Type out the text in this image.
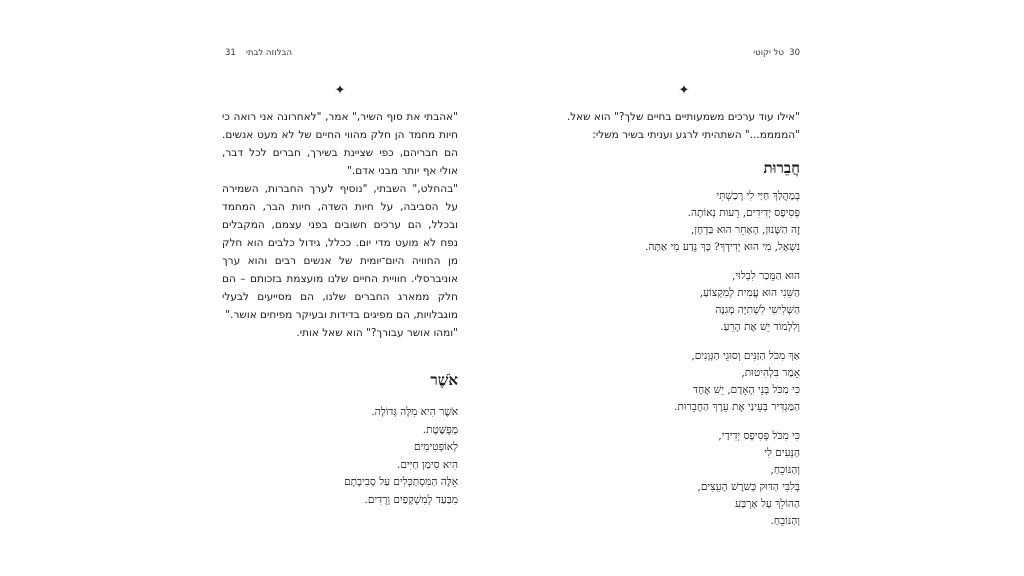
הבלוזה לבתי
31
✦

"אהבתי את סוף השיר," אמר, "לאחרונה אני רואה כי חיות מחמד הן חלק מהווי החיים של לא מעט אנשים. הם חבריהם, כפי שציינת בשירך, חברים לכל דבר, אולי אף יותר מבני אדם."

"בהחלט," השבתי, "נוסיף לערך החברות, השמירה על הסביבה, על חיות השדה, חיות הבר, המחמד ובכלל, הם ערכים חשובים בפני עצמם, המקבלים נפח לא מועט מדי יום. ככלל, גידול כלבים הוא חלק מן החוויה היום־יומית של אנשים רבים והוא ערך אוניברסלי. חוויית החיים שלנו מועצמת בזכותם – הם חלק ממארג החברים שלנו, הם מסייעים לבעלי מוגבלויות, הם מפיגים בדידות ובעיקר מפיחים אושר."

"ומהו אושר עבורך?" הוא שאל אותי.

אֹשֶׁר
אֹשֶׁר הִיא מִלָּה גְּדוֹלָה.
מְפֻשֶּׁטֶת.
לְאוֹפְּטִימִים
הִיא סִימַן חַיִּים.
אֵלֶּה הַמִּסְתַּכְּלִים עַל סְבִיבָתָם
מִבַּעַד לְמִשְׁקָפַיִם וְרֻדִּים.
טל יקוטי 30
✦

"אילו עוד ערכים משמעותיים בחיים שלך?" הוא שאל.

"הממממ..." השתהיתי לרגע ועניתי בשיר משלי:

חֲבֵרוּת
בְּמַהֲלַךְ חַיַּי לִי רָכַשְׁתִּי
פְּסִיפָס יְדִידִים, רֵעוּת נְאוֹתָה.
זֶה הַשָּׁנוּן, הָאַחֵר הוּא בַּדְחָן,
נִשְׁאַל, מִי הוּא יְדִידְךָ? כָּךְ נֵדַע מִי אַתָּה.
הוּא הַמֵּכַר לִבְלוּי,
הַשֵּׁנִי הוּא עֲמִית לְמִקְצוֹעַ,
הַשְּׁלִישִׁי לִשְׁתִיָּה מְגִנָּה
וְלִלְמוֹד יֵשׁ אֶת הָרֵעַ.
אַךְ מִכֹּל הַזַּנִּים וְסוּגֵי הַגְּוָנִים,
אָמַר בִּלְהִיטוּת,
כִּי מִכֹּל בְּנֵי הָאָדָם, יֵשׁ אֶחָד
הַמַּגְדִּיר בְּעֵינַי אֶת עֵרֶךְ הַחֲבֵרוּת.
כִּי מִכֹּל פְּסִיפָס יְדִידַי,
הַנְּעִים לִי
וְהַנּוֹכֵחַ,
בְּלִבִּי הַדּוּק כְּשֹׁרֶשׁ הָעֵצִים,
הַהוֹלֵךְ עַל אַרְבַּע
וְהַנּוֹבֵחַ.
